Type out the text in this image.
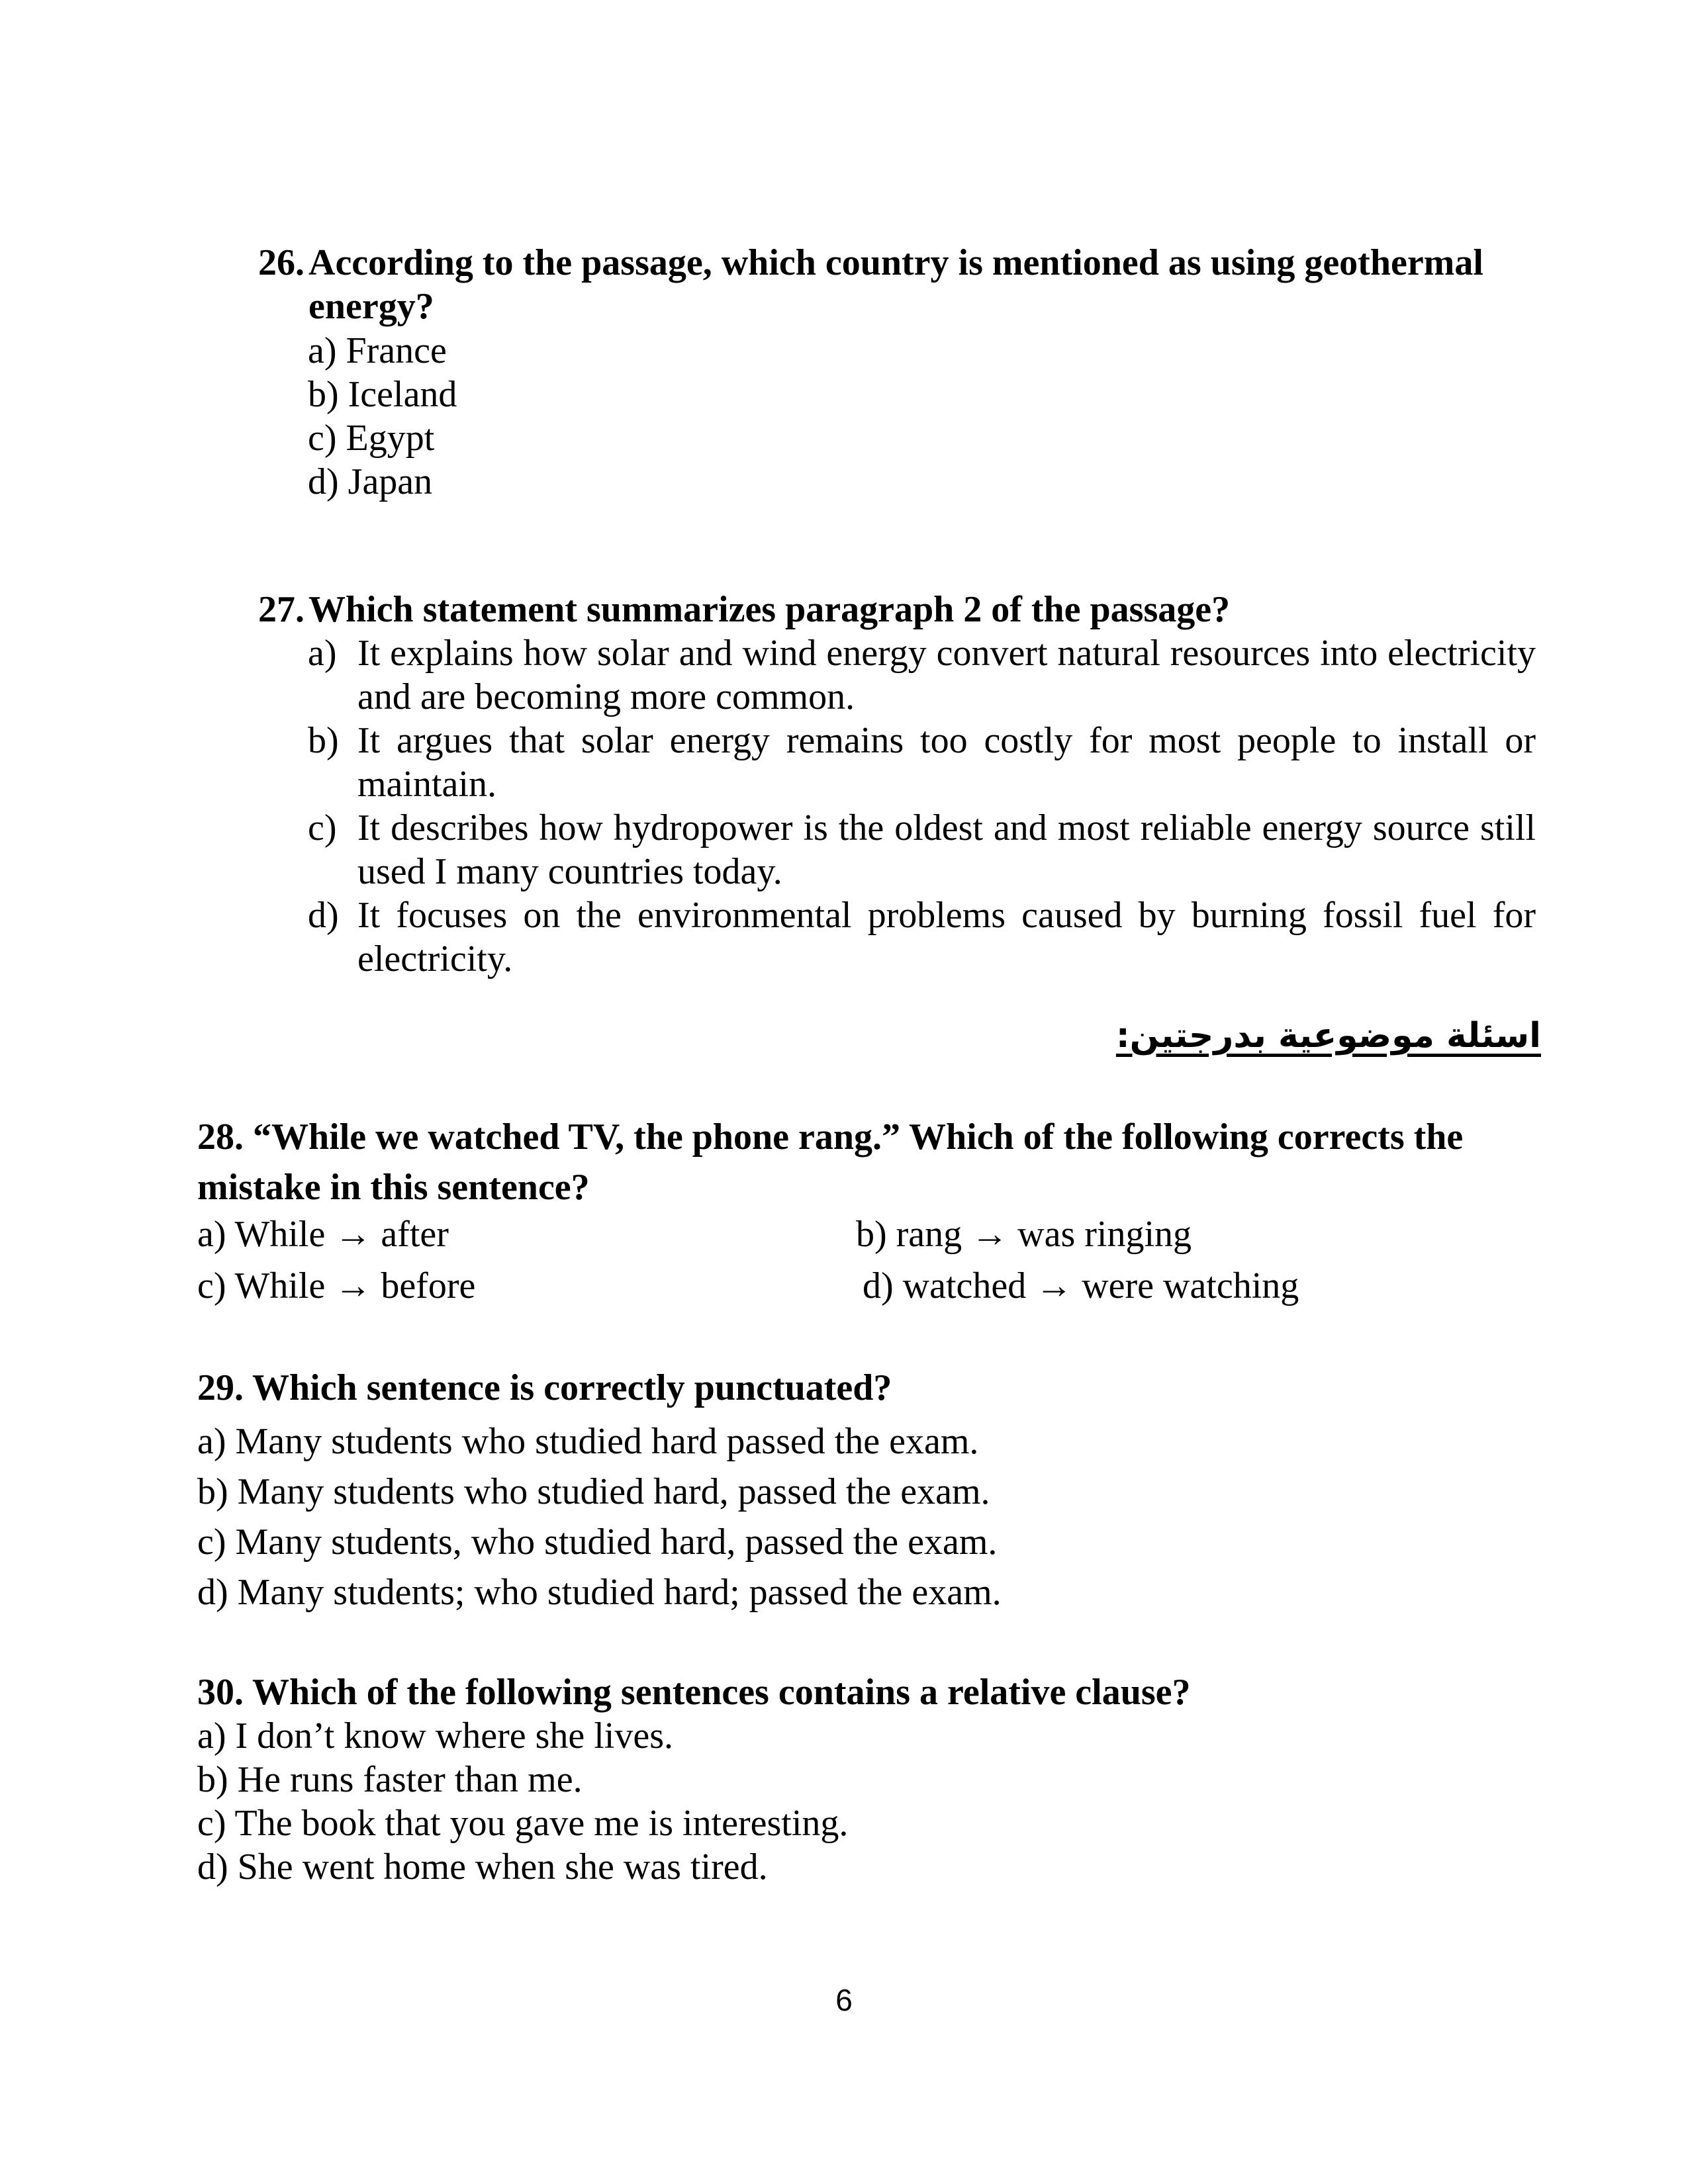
26. According to the passage, which country is mentioned as using geothermal energy?
a) France
b) Iceland
c) Egypt
d) Japan
27. Which statement summarizes paragraph 2 of the passage?
a) It explains how solar and wind energy convert natural resources into electricity and are becoming more common.
b) It argues that solar energy remains too costly for most people to install or maintain.
c) It describes how hydropower is the oldest and most reliable energy source still used I many countries today.
d) It focuses on the environmental problems caused by burning fossil fuel for electricity.
اسئلة موضوعية بدرجتين:
28. “While we watched TV, the phone rang.” Which of the following corrects the mistake in this sentence?
a) While → after	b) rang → was ringing
c) While → before	d) watched → were watching
29. Which sentence is correctly punctuated?
a) Many students who studied hard passed the exam.
b) Many students who studied hard, passed the exam.
c) Many students, who studied hard, passed the exam.
d) Many students; who studied hard; passed the exam.
30. Which of the following sentences contains a relative clause?
a) I don’t know where she lives.
b) He runs faster than me.
c) The book that you gave me is interesting.
d) She went home when she was tired.
6
